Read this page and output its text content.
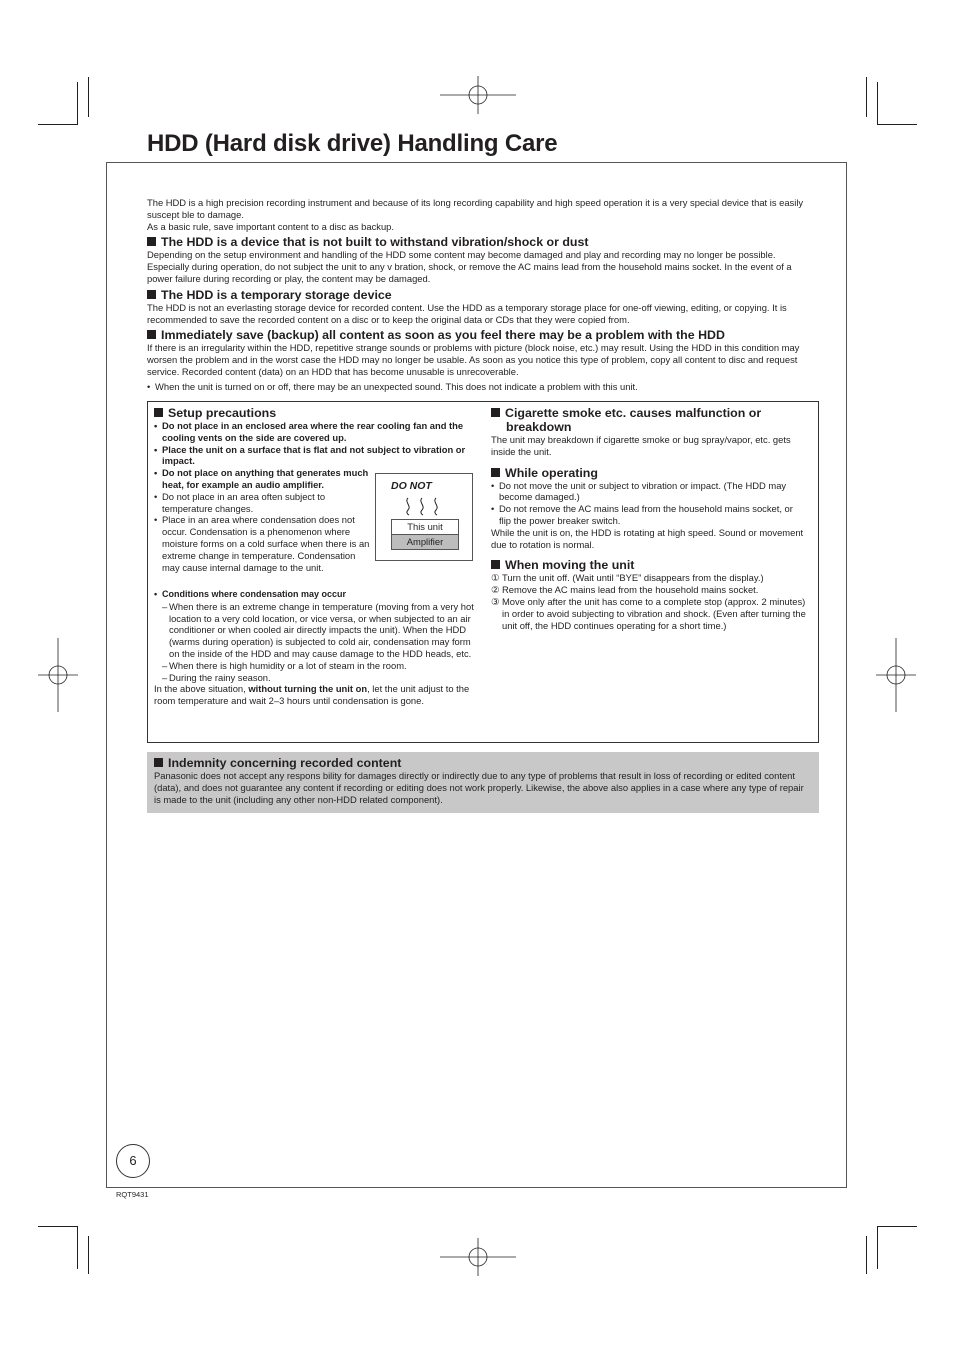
HDD (Hard disk drive) Handling Care

The HDD is a high precision recording instrument and because of its long recording capability and high speed operation it is a very special device that is easily suscept ble to damage.

As a basic rule, save important content to a disc as backup.

The HDD is a device that is not built to withstand vibration/shock or dust

Depending on the setup environment and handling of the HDD some content may become damaged and play and recording may no longer be possible. Especially during operation, do not subject the unit to any v bration, shock, or remove the AC mains lead from the household mains socket. In the event of a power failure during recording or play, the content may be damaged.

The HDD is a temporary storage device

The HDD is not an everlasting storage device for recorded content. Use the HDD as a temporary storage place for one-off viewing, editing, or copying. It is recommended to save the recorded content on a disc or to keep the original data or CDs that they were copied from.

Immediately save (backup) all content as soon as you feel there may be a problem with the HDD

If there is an irregularity within the HDD, repetitive strange sounds or problems with picture (block noise, etc.) may result. Using the HDD in this condition may worsen the problem and in the worst case the HDD may no longer be usable. As soon as you notice this type of problem, copy all content to disc and request service. Recorded content (data) on an HDD that has become unusable is unrecoverable.

• When the unit is turned on or off, there may be an unexpected sound. This does not indicate a problem with this unit.

Setup precautions

• Do not place in an enclosed area where the rear cooling fan and the cooling vents on the side are covered up.

• Place the unit on a surface that is flat and not subject to vibration or impact.

• Do not place on anything that generates much heat, for example an audio amplifier.

• Do not place in an area often subject to temperature changes.

• Place in an area where condensation does not occur. Condensation is a phenomenon where moisture forms on a cold surface when there is an extreme change in temperature. Condensation may cause internal damage to the unit.

• Conditions where condensation may occur

– When there is an extreme change in temperature (moving from a very hot location to a very cold location, or vice versa, or when subjected to an air conditioner or when cooled air directly impacts the unit). When the HDD (warms during operation) is subjected to cold air, condensation may form on the inside of the HDD and may cause damage to the HDD heads, etc.

– When there is high humidity or a lot of steam in the room.

– During the rainy season.

In the above situation, without turning the unit on, let the unit adjust to the room temperature and wait 2–3 hours until condensation is gone.

DO NOT
This unit
Amplifier

Cigarette smoke etc. causes malfunction or breakdown

The unit may breakdown if cigarette smoke or bug spray/vapor, etc. gets inside the unit.

While operating

• Do not move the unit or subject to vibration or impact. (The HDD may become damaged.)

• Do not remove the AC mains lead from the household mains socket, or flip the power breaker switch.

While the unit is on, the HDD is rotating at high speed. Sound or movement due to rotation is normal.

When moving the unit

① Turn the unit off. (Wait until “BYE” disappears from the display.)

② Remove the AC mains lead from the household mains socket.

③ Move only after the unit has come to a complete stop (approx. 2 minutes) in order to avoid subjecting to vibration and shock. (Even after turning the unit off, the HDD continues operating for a short time.)

Indemnity concerning recorded content

Panasonic does not accept any respons bility for damages directly or indirectly due to any type of problems that result in loss of recording or edited content (data), and does not guarantee any content if recording or editing does not work properly. Likewise, the above also applies in a case where any type of repair is made to the unit (including any other non-HDD related component).

6
RQT9431
